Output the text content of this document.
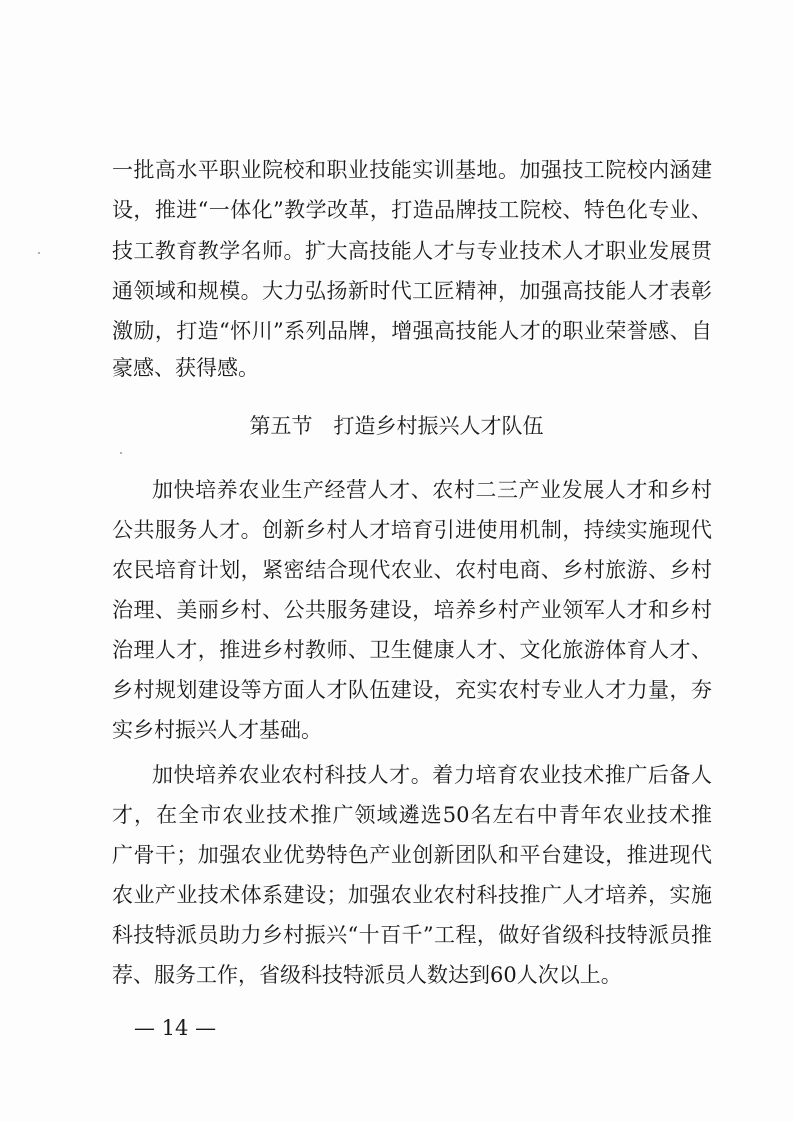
一批高水平职业院校和职业技能实训基地。加强技工院校内涵建
设，推进“一体化”教学改革，打造品牌技工院校、特色化专业、
技工教育教学名师。扩大高技能人才与专业技术人才职业发展贯
通领域和规模。大力弘扬新时代工匠精神，加强高技能人才表彰
激励，打造“怀川”系列品牌，增强高技能人才的职业荣誉感、自
豪感、获得感。
第五节　打造乡村振兴人才队伍
加快培养农业生产经营人才、农村二三产业发展人才和乡村
公共服务人才。创新乡村人才培育引进使用机制，持续实施现代
农民培育计划，紧密结合现代农业、农村电商、乡村旅游、乡村
治理、美丽乡村、公共服务建设，培养乡村产业领军人才和乡村
治理人才，推进乡村教师、卫生健康人才、文化旅游体育人才、
乡村规划建设等方面人才队伍建设，充实农村专业人才力量，夯
实乡村振兴人才基础。
加快培养农业农村科技人才。着力培育农业技术推广后备人
才，在全市农业技术推广领域遴选50名左右中青年农业技术推
广骨干；加强农业优势特色产业创新团队和平台建设，推进现代
农业产业技术体系建设；加强农业农村科技推广人才培养，实施
科技特派员助力乡村振兴“十百千”工程，做好省级科技特派员推
荐、服务工作，省级科技特派员人数达到60人次以上。
— 14 —
